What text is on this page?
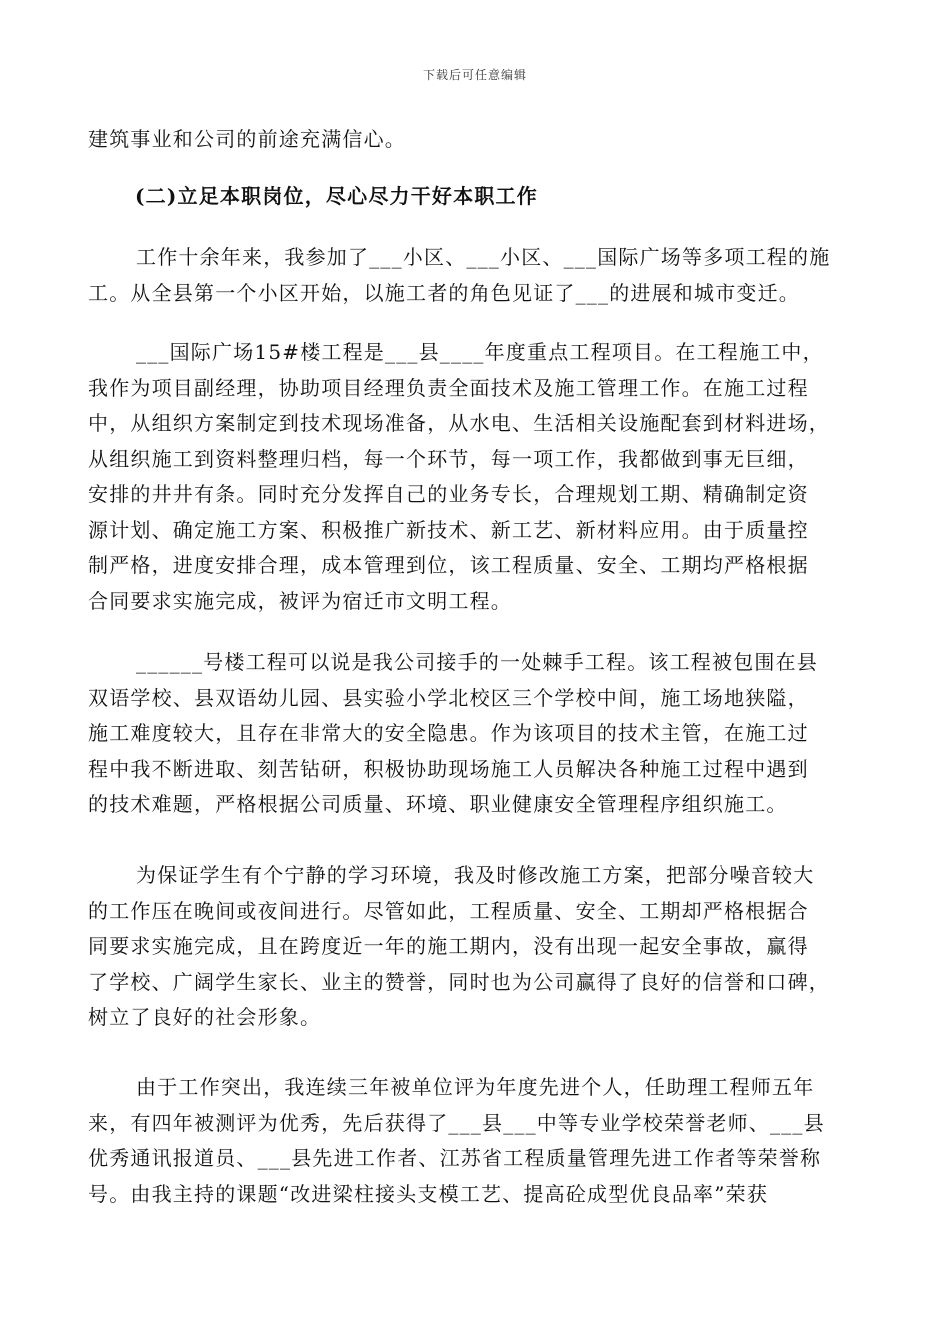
下载后可任意编辑
建筑事业和公司的前途充满信心。
(二)立足本职岗位，尽心尽力干好本职工作
工作十余年来，我参加了___小区、___小区、___国际广场等多项工程的施
工。从全县第一个小区开始，以施工者的角色见证了___的进展和城市变迁。
___国际广场15#楼工程是___县____年度重点工程项目。在工程施工中，
我作为项目副经理，协助项目经理负责全面技术及施工管理工作。在施工过程
中，从组织方案制定到技术现场准备，从水电、生活相关设施配套到材料进场，
从组织施工到资料整理归档，每一个环节，每一项工作，我都做到事无巨细，
安排的井井有条。同时充分发挥自己的业务专长，合理规划工期、精确制定资
源计划、确定施工方案、积极推广新技术、新工艺、新材料应用。由于质量控
制严格，进度安排合理，成本管理到位，该工程质量、安全、工期均严格根据
合同要求实施完成，被评为宿迁市文明工程。
______号楼工程可以说是我公司接手的一处棘手工程。该工程被包围在县
双语学校、县双语幼儿园、县实验小学北校区三个学校中间，施工场地狭隘，
施工难度较大，且存在非常大的安全隐患。作为该项目的技术主管，在施工过
程中我不断进取、刻苦钻研，积极协助现场施工人员解决各种施工过程中遇到
的技术难题，严格根据公司质量、环境、职业健康安全管理程序组织施工。
为保证学生有个宁静的学习环境，我及时修改施工方案，把部分噪音较大
的工作压在晚间或夜间进行。尽管如此，工程质量、安全、工期却严格根据合
同要求实施完成，且在跨度近一年的施工期内，没有出现一起安全事故，赢得
了学校、广阔学生家长、业主的赞誉，同时也为公司赢得了良好的信誉和口碑，
树立了良好的社会形象。
由于工作突出，我连续三年被单位评为年度先进个人，任助理工程师五年
来，有四年被测评为优秀，先后获得了___县___中等专业学校荣誉老师、___县
优秀通讯报道员、___县先进工作者、江苏省工程质量管理先进工作者等荣誉称
号。由我主持的课题“改进梁柱接头支模工艺、提高砼成型优良品率”荣获
